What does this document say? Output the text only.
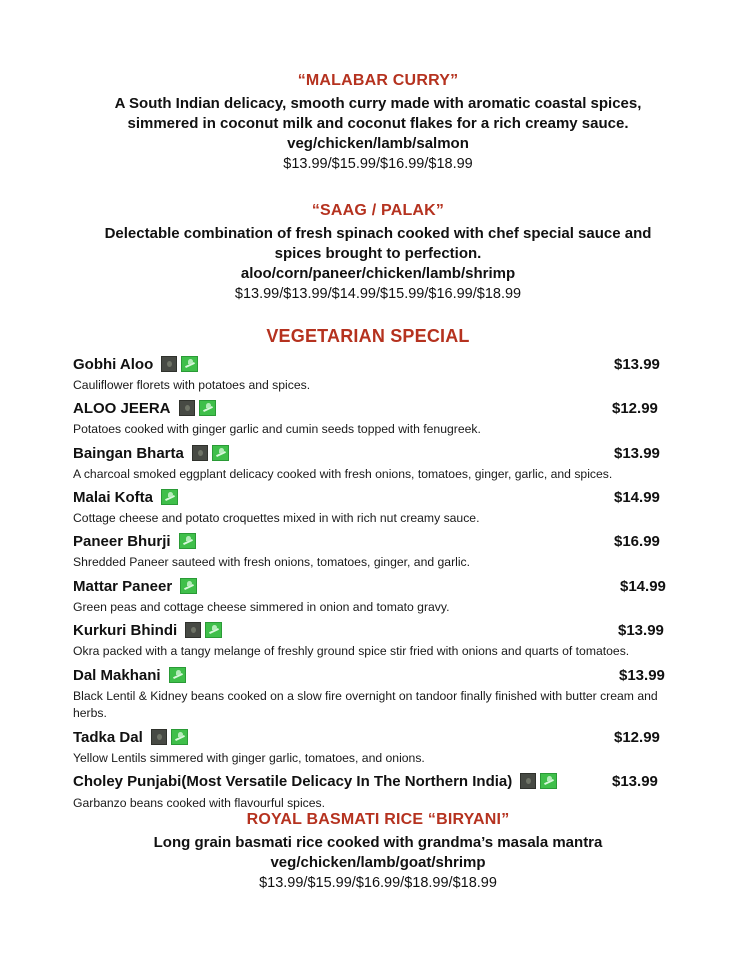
“MALABAR CURRY”
A South Indian delicacy, smooth curry made with aromatic coastal spices,
simmered in coconut milk and coconut flakes for a rich creamy sauce.
veg/chicken/lamb/salmon
$13.99/$15.99/$16.99/$18.99
“SAAG / PALAK”
Delectable combination of fresh spinach cooked with chef special sauce and
spices brought to perfection.
aloo/corn/paneer/chicken/lamb/shrimp
$13.99/$13.99/$14.99/$15.99/$16.99/$18.99
VEGETARIAN SPECIAL
Gobhi Aloo	$13.99
Cauliflower florets with potatoes and spices.
ALOO JEERA	$12.99
Potatoes cooked with ginger garlic and cumin seeds topped with fenugreek.
Baingan Bharta	$13.99
A charcoal smoked eggplant delicacy cooked with fresh onions, tomatoes, ginger, garlic, and spices.
Malai Kofta	$14.99
Cottage cheese and potato croquettes mixed in with rich nut creamy sauce.
Paneer Bhurji	$16.99
Shredded Paneer sauteed with fresh onions, tomatoes, ginger, and garlic.
Mattar Paneer	$14.99
Green peas and cottage cheese simmered in onion and tomato gravy.
Kurkuri Bhindi	$13.99
Okra packed with a tangy melange of freshly ground spice stir fried with onions and quarts of tomatoes.
Dal Makhani	$13.99
Black Lentil & Kidney beans cooked on a slow fire overnight on tandoor finally finished with butter cream and herbs.
Tadka Dal	$12.99
Yellow Lentils simmered with ginger garlic, tomatoes, and onions.
Choley Punjabi(Most Versatile Delicacy In The Northern India)	$13.99
Garbanzo beans cooked with flavourful spices.
ROYAL BASMATI RICE “BIRYANI”
Long grain basmati rice cooked with grandma’s masala mantra
veg/chicken/lamb/goat/shrimp
$13.99/$15.99/$16.99/$18.99/$18.99
